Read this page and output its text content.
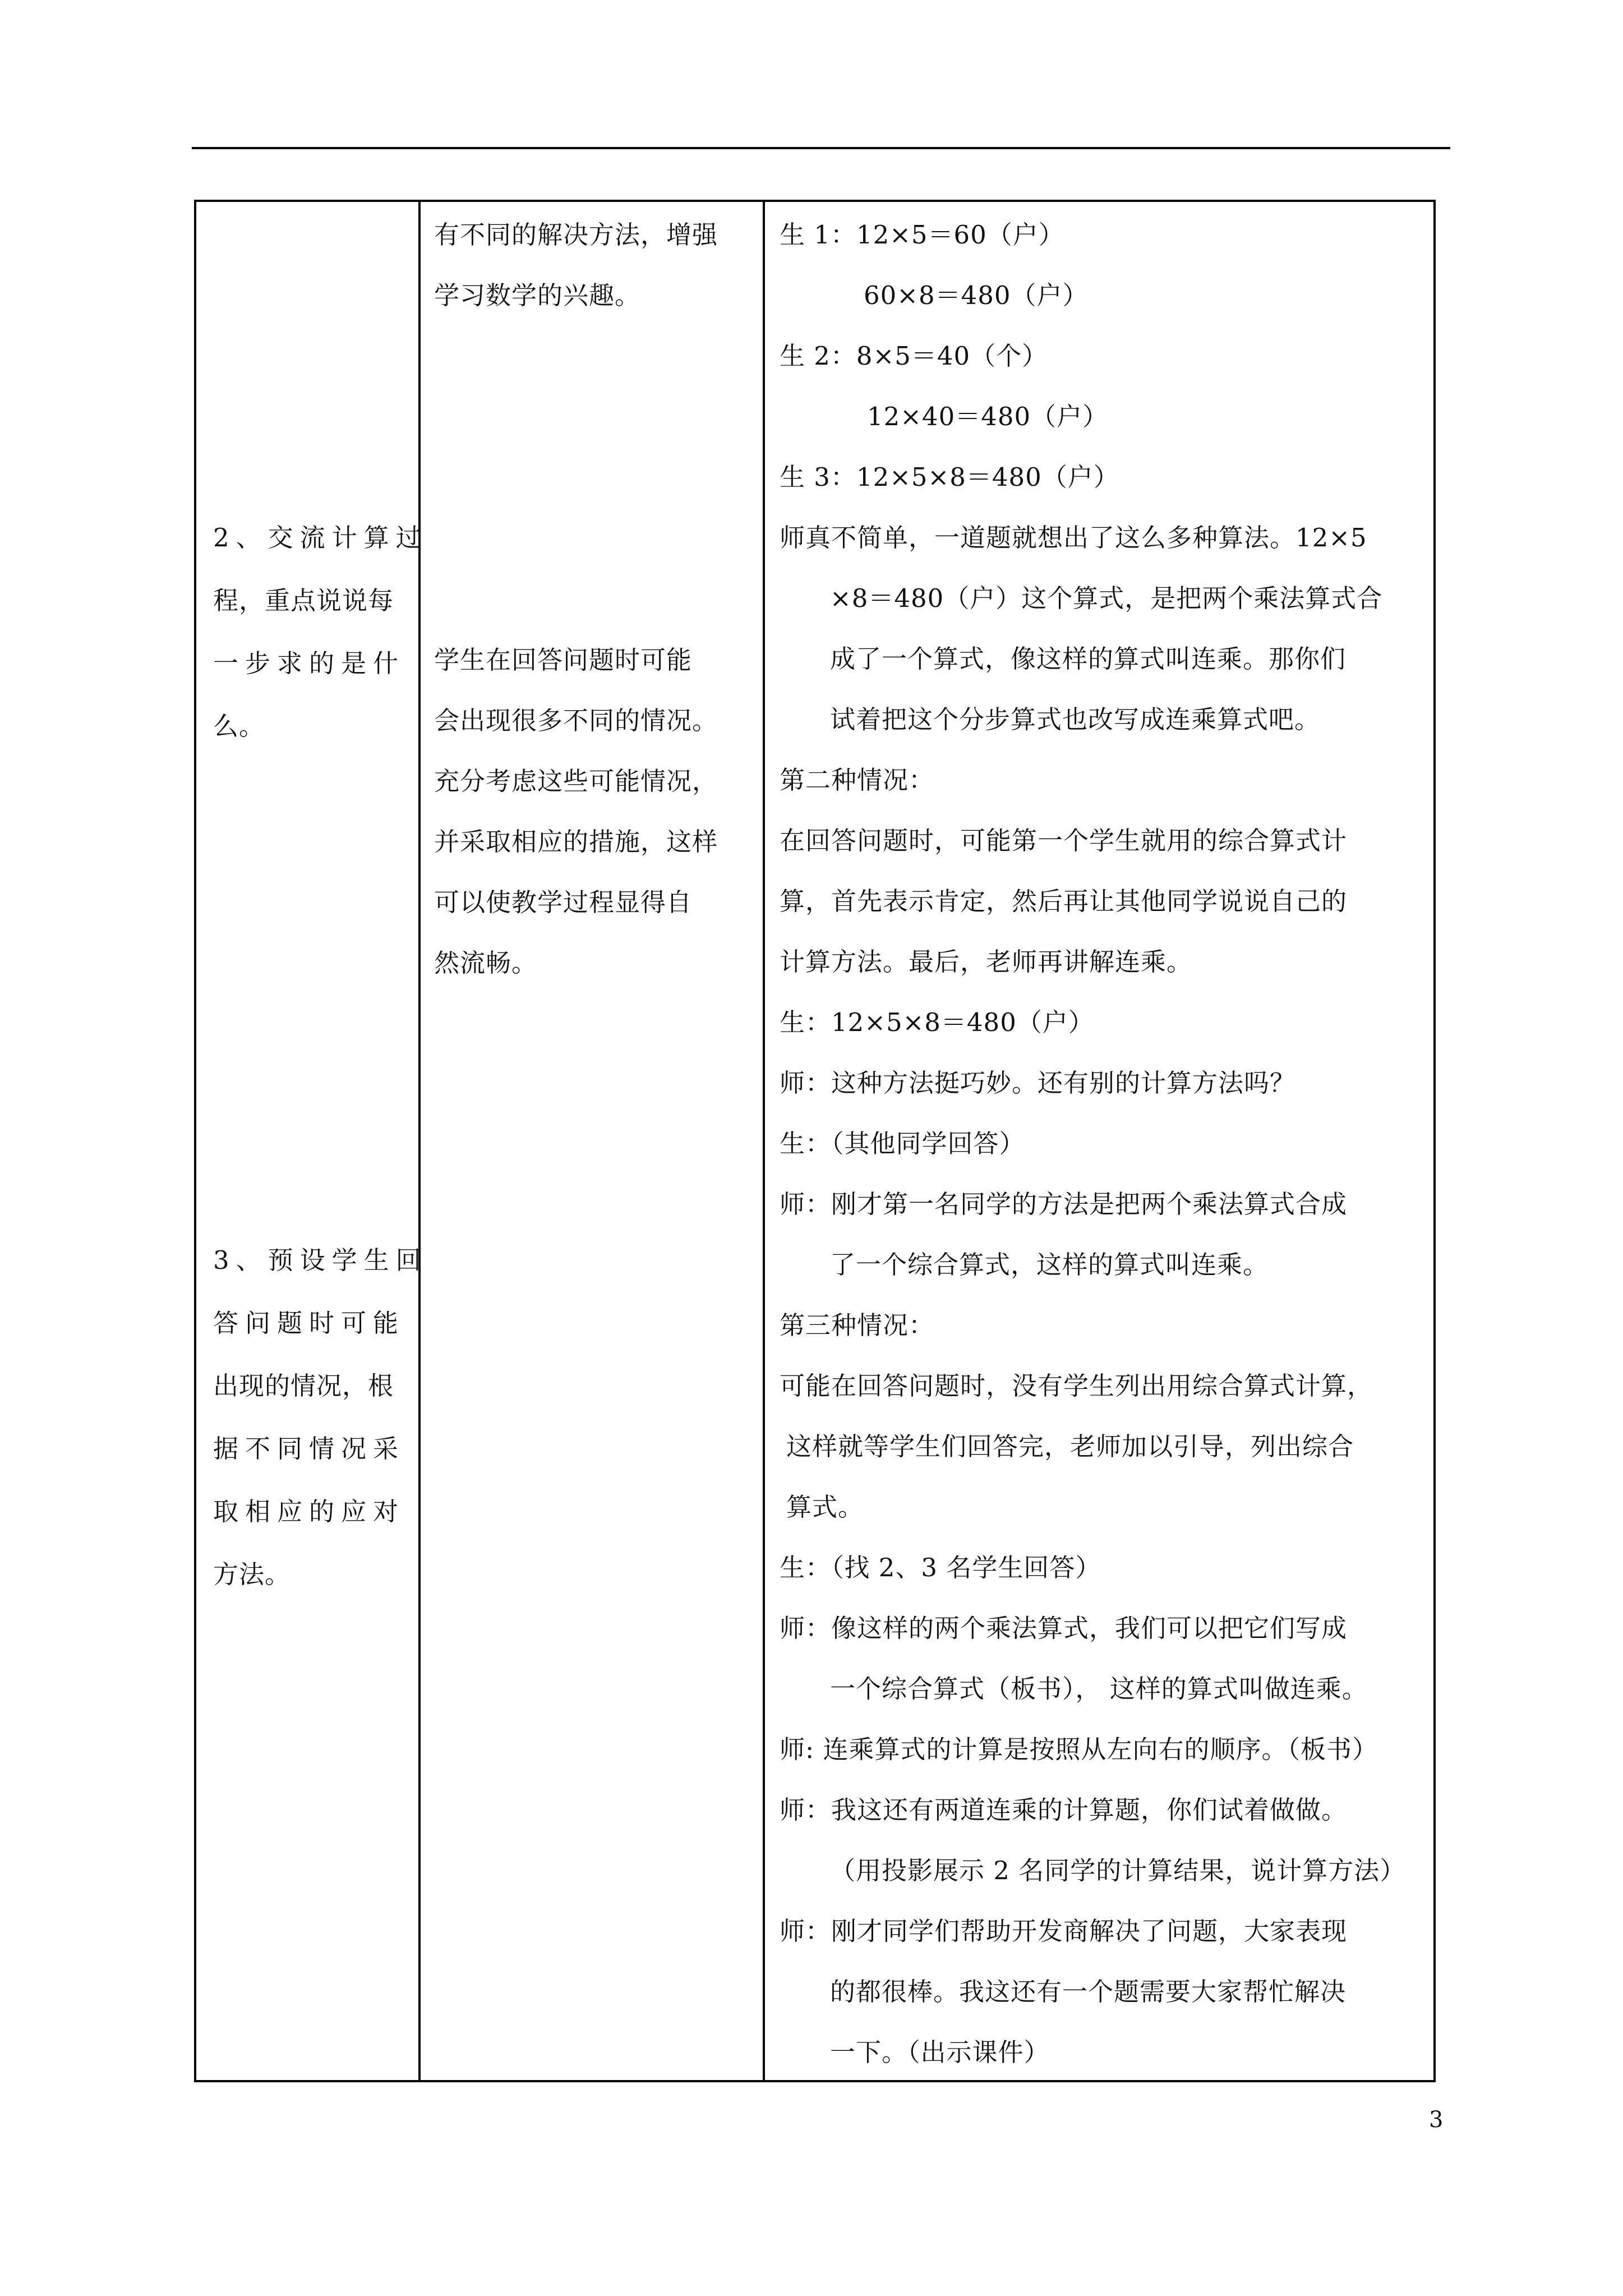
2、交流计算过
程，重点说说每
一步求的是什
么。
3、预设学生回
答问题时可能
出现的情况，根
据不同情况采
取相应的应对
方法。
有不同的解决方法，增强
学习数学的兴趣。
学生在回答问题时可能
会出现很多不同的情况。
充分考虑这些可能情况，
并采取相应的措施，这样
可以使教学过程显得自
然流畅。
生 1：12×5＝60（户）
60×8＝480（户）
生 2：8×5＝40（个）
12×40＝480（户）
生 3：12×5×8＝480（户）
师真不简单，一道题就想出了这么多种算法。12×5
×8＝480（户）这个算式，是把两个乘法算式合
成了一个算式，像这样的算式叫连乘。那你们
试着把这个分步算式也改写成连乘算式吧。
第二种情况：
在回答问题时，可能第一个学生就用的综合算式计
算，首先表示肯定，然后再让其他同学说说自己的
计算方法。最后，老师再讲解连乘。
生：12×5×8＝480（户）
师：这种方法挺巧妙。还有别的计算方法吗？
生：（其他同学回答）
师：刚才第一名同学的方法是把两个乘法算式合成
了一个综合算式，这样的算式叫连乘。
第三种情况：
可能在回答问题时，没有学生列出用综合算式计算，
这样就等学生们回答完，老师加以引导，列出综合
算式。
生：（找 2、3 名学生回答）
师：像这样的两个乘法算式，我们可以把它们写成
一个综合算式（板书）， 这样的算式叫做连乘。
师: 连乘算式的计算是按照从左向右的顺序。（板书）
师：我这还有两道连乘的计算题，你们试着做做。
（用投影展示 2 名同学的计算结果，说计算方法）
师：刚才同学们帮助开发商解决了问题，大家表现
的都很棒。我这还有一个题需要大家帮忙解决
一下。（出示课件）
3
